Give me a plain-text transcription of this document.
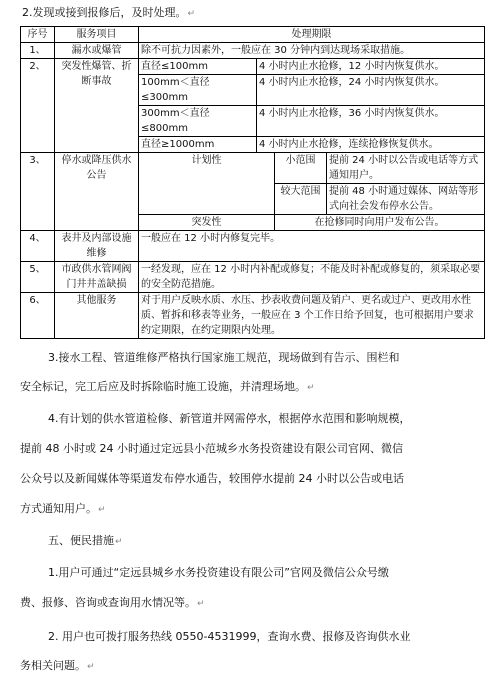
2.发现或接到报修后，及时处理。↵
序号	服务项目	处理期限			
1、	漏水或爆管	除不可抗力因素外，一般应在 30 分钟内到达现场采取措施。			
2、	突发性爆管、折断事故	直径≤100mm	4 小时内止水抢修，12 小时内恢复供水。		
		100mm＜直径≤300mm	4 小时内止水抢修，24 小时内恢复供水。		
		300mm＜直径≤800mm	4 小时内止水抢修，36 小时内恢复供水。		
		直径≥1000mm	4 小时内止水抢修，连续抢修恢复供水。		
3、	停水或降压供水公告	计划性		小范围	提前 24 小时以公告或电话等方式通知用户。
				较大范围	提前 48 小时通过媒体、网站等形式向社会发布停水公告。
		突发性		在抢修同时向用户发布公告。	
4、	表井及内部设施维修	一般应在 12 小时内修复完毕。			
5、	市政供水管网阀门井井盖缺损	一经发现，应在 12 小时内补配或修复；不能及时补配或修复的，须采取必要的安全防范措施。			
6、	其他服务	对于用户反映水质、水压、抄表收费问题及销户、更名或过户、更改用水性质、暂拆和移表等业务，一般应在 3 个工作日给予回复，也可根据用户要求约定期限，在约定期限内处理。			
3.接水工程、管道维修严格执行国家施工规范，现场做到有告示、围栏和
安全标记，完工后应及时拆除临时施工设施，并清理场地。↵
4.有计划的供水管道检修、新管道并网需停水，根据停水范围和影响规模，
提前 48 小时或 24 小时通过定远县小范城乡水务投资建设有限公司官网、微信
公众号以及新闻媒体等渠道发布停水通告，较围停水提前 24 小时以公告或电话
方式通知用户。↵
五、便民措施↵
1.用户可通过“定远县城乡水务投资建设有限公司”官网及微信公众号缴
费、报修、咨询或查询用水情况等。↵
2. 用户也可拨打服务热线 0550-4531999，查询水费、报修及咨询供水业
务相关问题。↵
